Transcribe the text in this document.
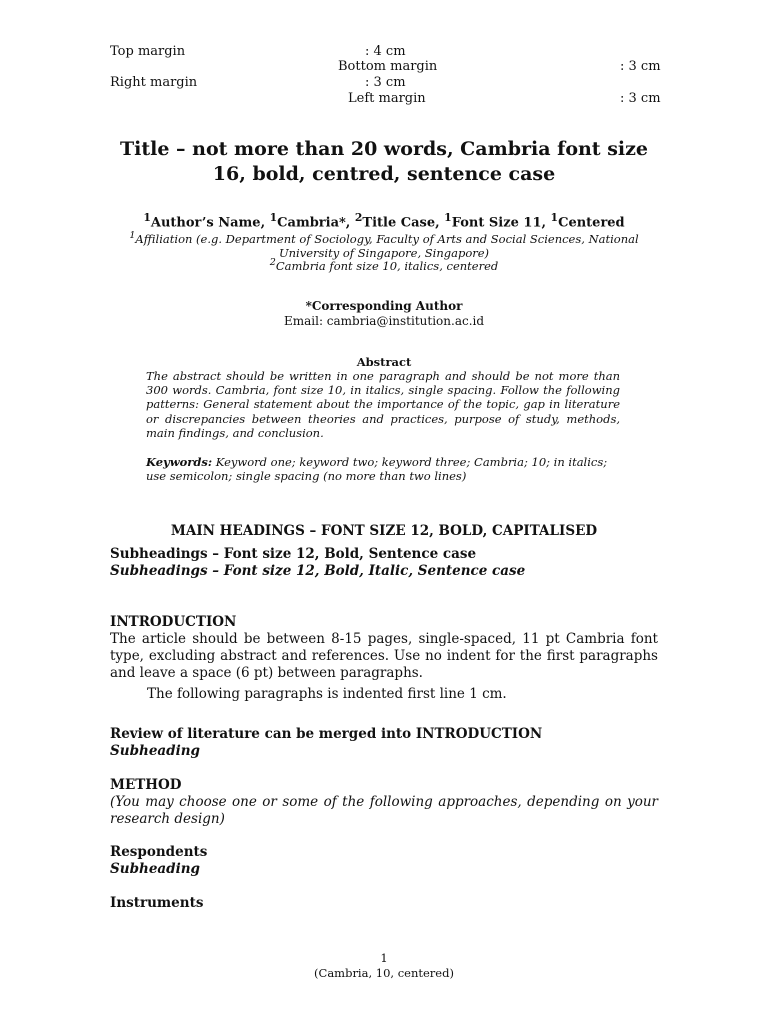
Top margin	: 4 cm
Bottom margin	: 3 cm
Right margin	: 3 cm
Left margin	: 3 cm
Title – not more than 20 words, Cambria font size 16, bold, centred, sentence case
$^1$Author’s Name, $^1$Cambria*, $^2$Title Case, $^1$Font Size 11, $^1$Centered
$^1$Affiliation (e.g. Department of Sociology, Faculty of Arts and Social Sciences, National University of Singapore, Singapore)
$^2$Cambria font size 10, italics, centered
*Corresponding Author
Email: cambria@institution.ac.id
Abstract
The abstract should be written in one paragraph and should be not more than 300 words. Cambria, font size 10, in italics, single spacing. Follow the following patterns: General statement about the importance of the topic, gap in literature or discrepancies between theories and practices, purpose of study, methods, main findings, and conclusion.
Keywords: Keyword one; keyword two; keyword three; Cambria; 10; in italics; use semicolon; single spacing (no more than two lines)
MAIN HEADINGS – FONT SIZE 12, BOLD, CAPITALISED
Subheadings – Font size 12, Bold, Sentence case
Subheadings – Font size 12, Bold, Italic, Sentence case
INTRODUCTION
The article should be between 8-15 pages, single-spaced, 11 pt Cambria font type, excluding abstract and references. Use no indent for the first paragraphs and leave a space (6 pt) between paragraphs.
The following paragraphs is indented first line 1 cm.
Review of literature can be merged into INTRODUCTION
Subheading
METHOD
(You may choose one or some of the following approaches, depending on your research design)
Respondents
Subheading
Instruments
1
(Cambria, 10, centered)
